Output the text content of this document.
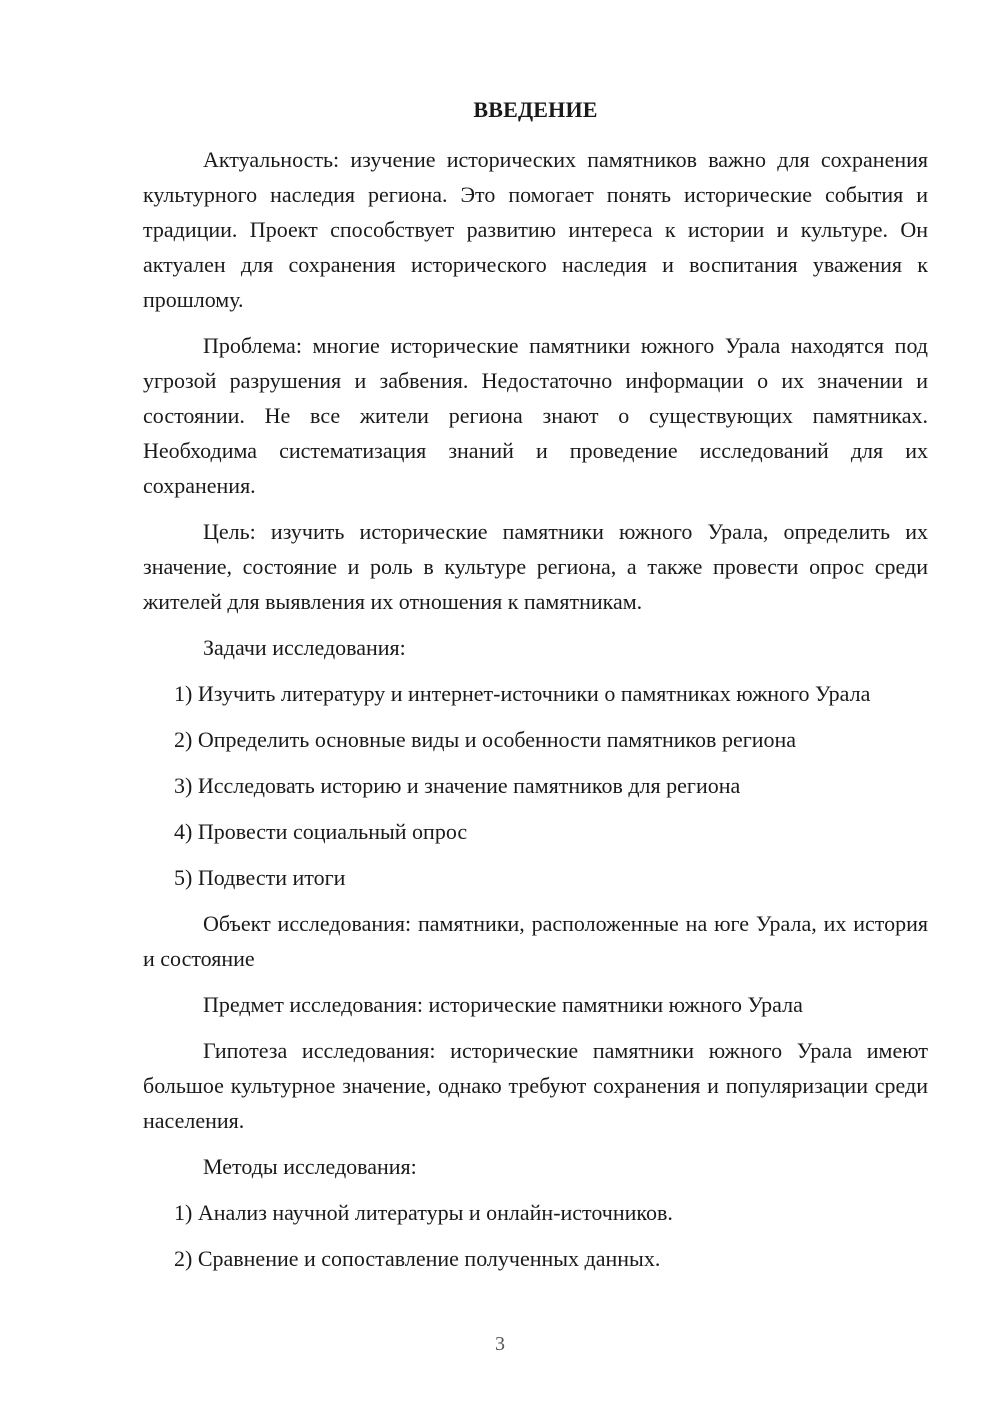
ВВЕДЕНИЕ

Актуальность: изучение исторических памятников важно для сохранения культурного наследия региона. Это помогает понять исторические события и традиции. Проект способствует развитию интереса к истории и культуре. Он актуален для сохранения исторического наследия и воспитания уважения к прошлому.

Проблема: многие исторические памятники южного Урала находятся под угрозой разрушения и забвения. Недостаточно информации о их значении и состоянии. Не все жители региона знают о существующих памятниках. Необходима систематизация знаний и проведение исследований для их сохранения.

Цель: изучить исторические памятники южного Урала, определить их значение, состояние и роль в культуре региона, а также провести опрос среди жителей для выявления их отношения к памятникам.

Задачи исследования:

1) Изучить литературу и интернет-источники о памятниках южного Урала

2) Определить основные виды и особенности памятников региона

3) Исследовать историю и значение памятников для региона

4) Провести социальный опрос

5) Подвести итоги

Объект исследования: памятники, расположенные на юге Урала, их история и состояние

Предмет исследования: исторические памятники южного Урала

Гипотеза исследования: исторические памятники южного Урала имеют большое культурное значение, однако требуют сохранения и популяризации среди населения.

Методы исследования:

1) Анализ научной литературы и онлайн-источников.

2) Сравнение и сопоставление полученных данных.

3
